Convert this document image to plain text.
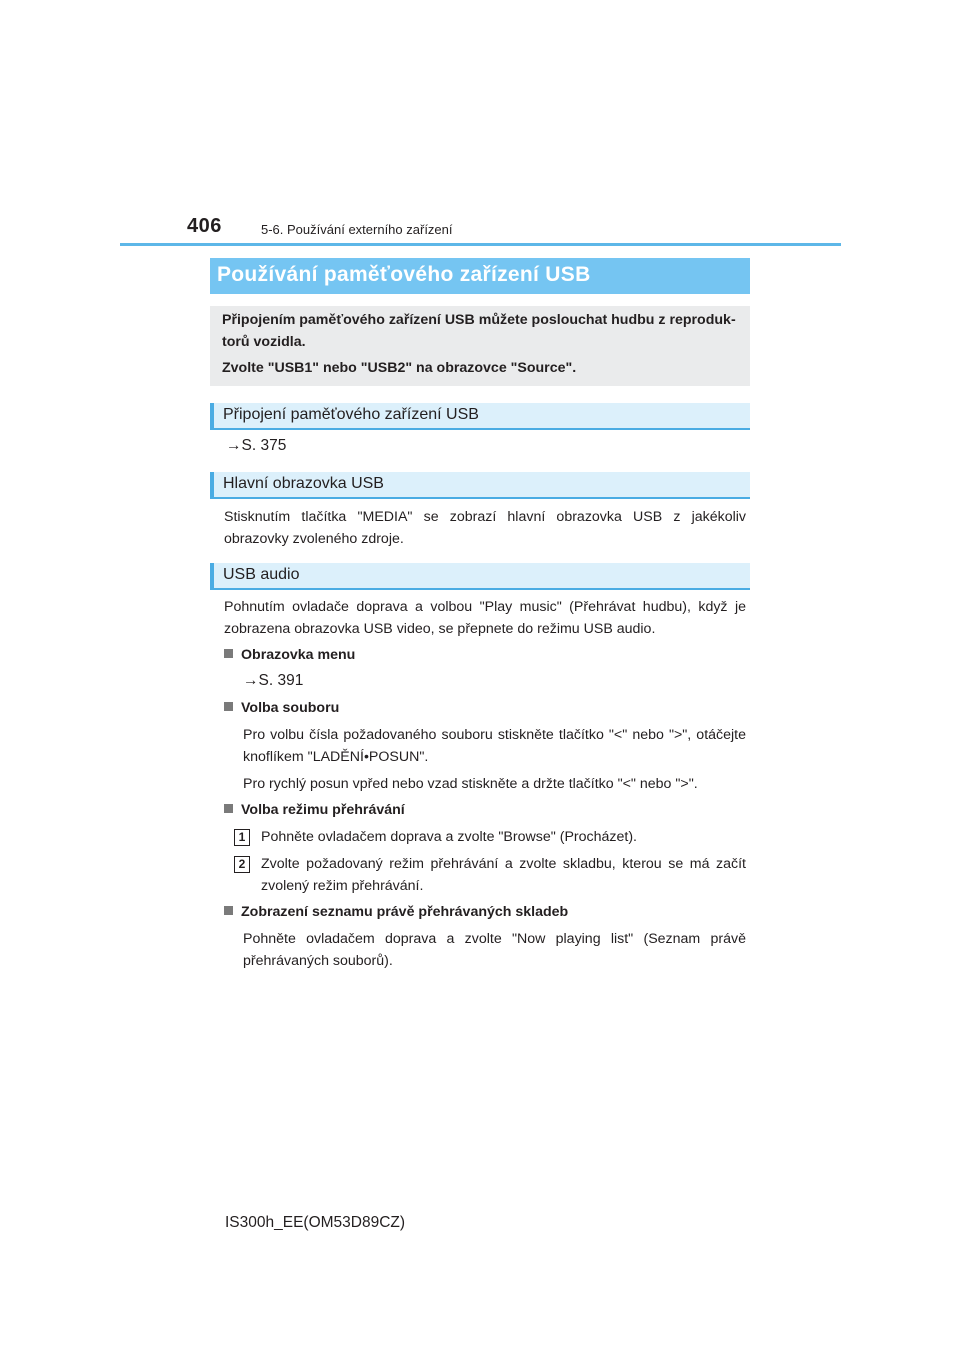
406	5-6. Používání externího zařízení
Používání paměťového zařízení USB
Připojením paměťového zařízení USB můžete poslouchat hudbu z reproduk-
torů vozidla.
Zvolte "USB1" nebo "USB2" na obrazovce "Source".
Připojení paměťového zařízení USB
→S. 375
Hlavní obrazovka USB
Stisknutím tlačítka "MEDIA" se zobrazí hlavní obrazovka USB z jakékoliv obrazovky zvoleného zdroje.
USB audio
Pohnutím ovladače doprava a volbou "Play music" (Přehrávat hudbu), když je zobrazena obrazovka USB video, se přepnete do režimu USB audio.
Obrazovka menu
→S. 391
Volba souboru
Pro volbu čísla požadovaného souboru stiskněte tlačítko "<" nebo ">", otáčejte knoflíkem "LADĚNÍ•POSUN".
Pro rychlý posun vpřed nebo vzad stiskněte a držte tlačítko "<" nebo ">".
Volba režimu přehrávání
1	Pohněte ovladačem doprava a zvolte "Browse" (Procházet).
2	Zvolte požadovaný režim přehrávání a zvolte skladbu, kterou se má začít zvolený režim přehrávání.
Zobrazení seznamu právě přehrávaných skladeb
Pohněte ovladačem doprava a zvolte "Now playing list" (Seznam právě přehrávaných souborů).
IS300h_EE(OM53D89CZ)
